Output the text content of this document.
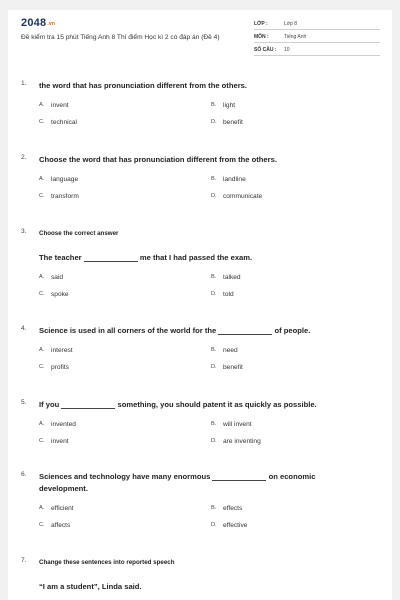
2048.vn
Đề kiểm tra 15 phút Tiếng Anh 8 Thí điểm Học kì 2 có đáp án (Đề 4)
LỚP :	Lớp 8
MÔN :	Tiếng Anh
SỐ CÂU :	10
1. the word that has pronunciation different from the others.
A.	invent	B.	light
C. technical	D. benefit
2. Choose the word that has pronunciation different from the others.
A.	language	B.	landline
C. transform	D. communicate
3. Choose the correct answer
The teacher	me that I had passed the exam.
A.	said	B.	talked
C. spoke	D. told
4. Science is used in all corners of the world for the	of people.
A.	interest	B.	need
C. profits	D. benefit
5. If you	something, you should patent it as quickly as possible.
A.	invented	B.	will invent
C. invent	D. are inventing
6. Sciences and technology have many enormous	on economic development.
A.	efficient	B.	effects
C. affects	D. effective
7. Change these sentences into reported speech
“I am a student”, Linda said.
